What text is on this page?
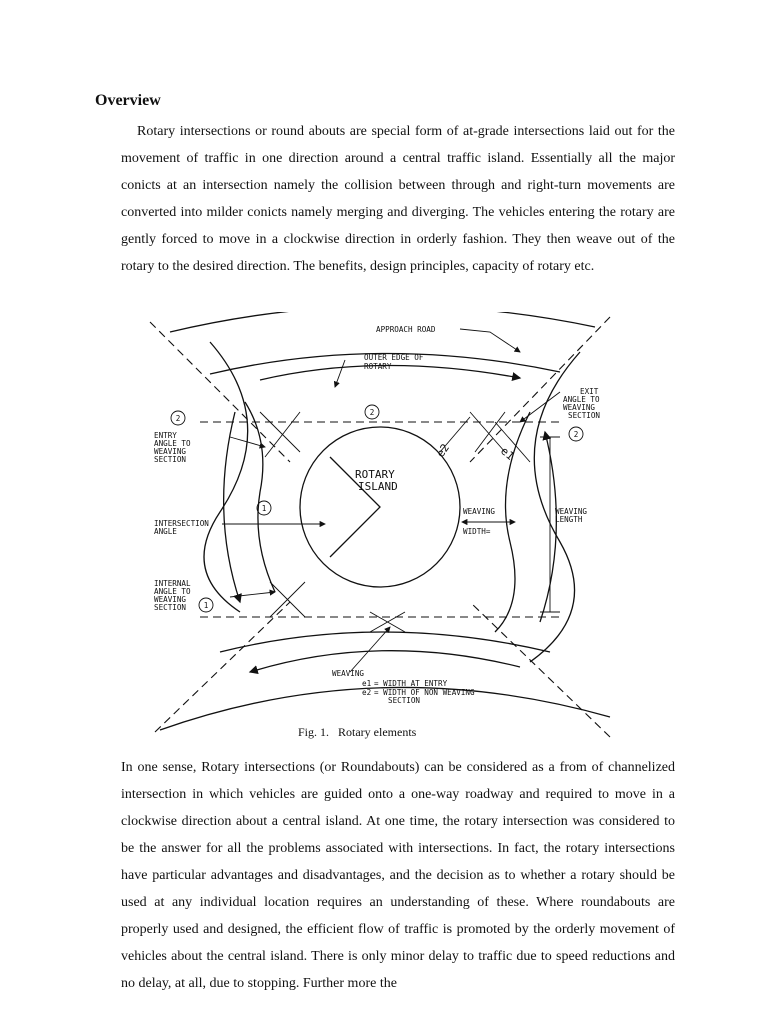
Overview

Rotary intersections or round abouts are special form of at-grade intersections laid out for the movement of traffic in one direction around a central traffic island. Essentially all the major conicts at an intersection namely the collision between through and right-turn movements are converted into milder conicts namely merging and diverging. The vehicles entering the rotary are gently forced to move in a clockwise direction in orderly fashion. They then weave out of the rotary to the desired direction. The benefits, design principles, capacity of rotary etc.

2
2
2
1
1
APPROACH ROAD
OUTER EDGE OF
ROTARY
EXIT
ANGLE TO
WEAVING
SECTION
ENTRY
ANGLE TO
WEAVING
SECTION
ROTARY
ISLAND
e2	e1
WEAVING
WIDTH=
WEAVING
LENGTH
INTERSECTION
ANGLE
INTERNAL
ANGLE TO
WEAVING
SECTION
WEAVING
e1 = WIDTH AT ENTRY
e2 = WIDTH OF NON WEAVING
SECTION
Fig. 1.   Rotary elements

In one sense, Rotary intersections (or Roundabouts) can be considered as a from of channelized intersection in which vehicles are guided onto a one-way roadway and required to move in a clockwise direction about a central island. At one time, the rotary intersection was considered to be the answer for all the problems associated with intersections. In fact, the rotary intersections have particular advantages and disadvantages, and the decision as to whether a rotary should be used at any individual location requires an understanding of these. Where roundabouts are properly used and designed, the efficient flow of traffic is promoted by the orderly movement of vehicles about the central island. There is only minor delay to traffic due to speed reductions and no delay, at all, due to stopping. Further more the
